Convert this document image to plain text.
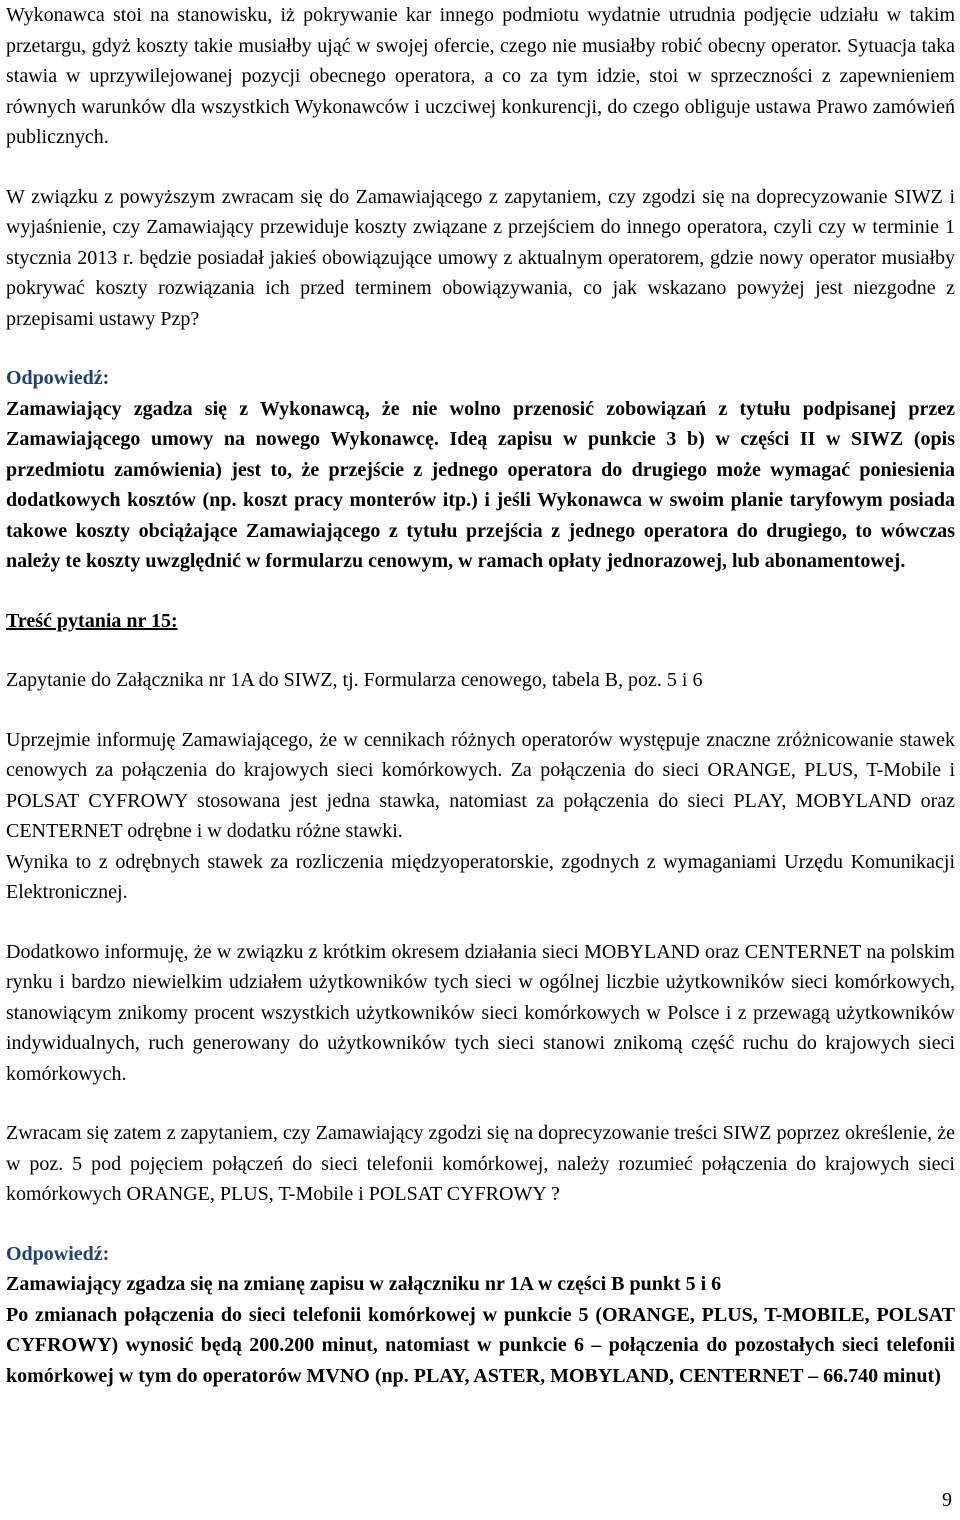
Wykonawca stoi na stanowisku, iż pokrywanie kar innego podmiotu wydatnie utrudnia podjęcie udziału w takim przetargu, gdyż koszty takie musiałby ująć w swojej ofercie, czego nie musiałby robić obecny operator. Sytuacja taka stawia w uprzywilejowanej pozycji obecnego operatora, a co za tym idzie, stoi w sprzeczności z zapewnieniem równych warunków dla wszystkich Wykonawców i uczciwej konkurencji, do czego obliguje ustawa Prawo zamówień publicznych.

W związku z powyższym zwracam się do Zamawiającego z zapytaniem, czy zgodzi się na doprecyzowanie SIWZ i wyjaśnienie, czy Zamawiający przewiduje koszty związane z przejściem do innego operatora, czyli czy w terminie 1 stycznia 2013 r. będzie posiadał jakieś obowiązujące umowy z aktualnym operatorem, gdzie nowy operator musiałby pokrywać koszty rozwiązania ich przed terminem obowiązywania, co jak wskazano powyżej jest niezgodne z przepisami ustawy Pzp?

Odpowiedź:

Zamawiający zgadza się z Wykonawcą, że nie wolno przenosić zobowiązań z tytułu podpisanej przez Zamawiającego umowy na nowego Wykonawcę. Ideą zapisu w punkcie 3 b) w części II w SIWZ (opis przedmiotu zamówienia) jest to, że przejście z jednego operatora do drugiego może wymagać poniesienia dodatkowych kosztów (np. koszt pracy monterów itp.) i jeśli Wykonawca w swoim planie taryfowym posiada takowe koszty obciążające Zamawiającego z tytułu przejścia z jednego operatora do drugiego, to wówczas należy te koszty uwzględnić w formularzu cenowym, w ramach opłaty jednorazowej, lub abonamentowej.

Treść pytania nr 15:

Zapytanie do Załącznika nr 1A do SIWZ, tj. Formularza cenowego, tabela B, poz. 5 i 6

Uprzejmie informuję Zamawiającego, że w cennikach różnych operatorów występuje znaczne zróżnicowanie stawek cenowych za połączenia do krajowych sieci komórkowych. Za połączenia do sieci ORANGE, PLUS, T-Mobile i POLSAT CYFROWY stosowana jest jedna stawka, natomiast za połączenia do sieci PLAY, MOBYLAND oraz CENTERNET odrębne i w dodatku różne stawki.

Wynika to z odrębnych stawek za rozliczenia międzyoperatorskie, zgodnych z wymaganiami Urzędu Komunikacji Elektronicznej.

Dodatkowo informuję, że w związku z krótkim okresem działania sieci MOBYLAND oraz CENTERNET na polskim rynku i bardzo niewielkim udziałem użytkowników tych sieci w ogólnej liczbie użytkowników sieci komórkowych, stanowiącym znikomy procent wszystkich użytkowników sieci komórkowych w Polsce i z przewagą użytkowników indywidualnych, ruch generowany do użytkowników tych sieci stanowi znikomą część ruchu do krajowych sieci komórkowych.

Zwracam się zatem z zapytaniem, czy Zamawiający zgodzi się na doprecyzowanie treści SIWZ poprzez określenie, że w poz. 5 pod pojęciem połączeń do sieci telefonii komórkowej, należy rozumieć połączenia do krajowych sieci komórkowych ORANGE, PLUS, T-Mobile i POLSAT CYFROWY ?

Odpowiedź:

Zamawiający zgadza się na zmianę zapisu w załączniku nr 1A w części B punkt 5 i 6

Po zmianach połączenia do sieci telefonii komórkowej w punkcie 5 (ORANGE, PLUS, T-MOBILE, POLSAT CYFROWY) wynosić będą 200.200 minut, natomiast w punkcie 6 – połączenia do pozostałych sieci telefonii komórkowej w tym do operatorów MVNO (np. PLAY, ASTER, MOBYLAND, CENTERNET – 66.740 minut)

9
